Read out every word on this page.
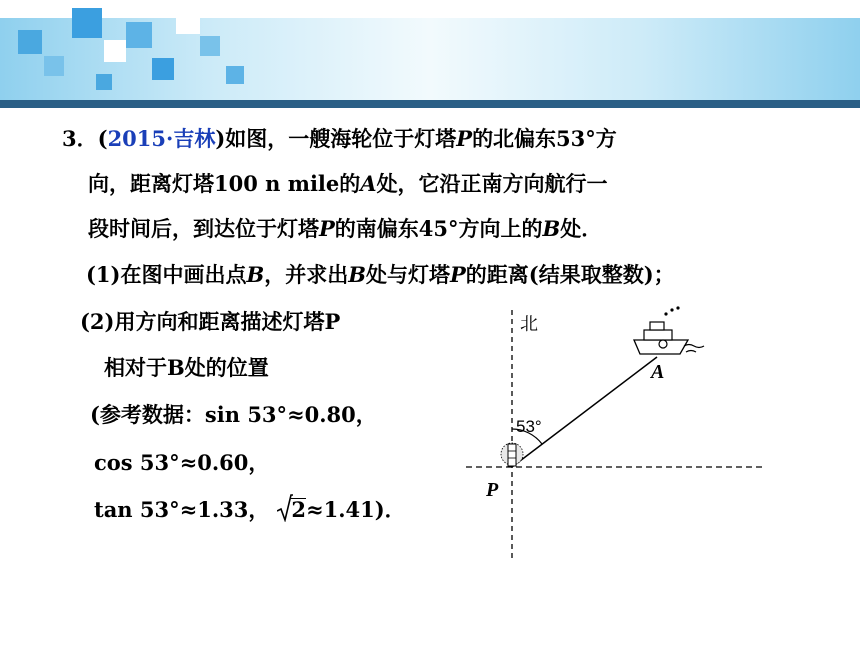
3．(2015·吉林)如图，一艘海轮位于灯塔P的北偏东53°方
向，距离灯塔100 n mile的A处，它沿正南方向航行一
段时间后，到达位于灯塔P的南偏东45°方向上的B处．
(1)在图中画出点B，并求出B处与灯塔P的距离(结果取整数)；
(2)用方向和距离描述灯塔P
相对于B处的位置
(参考数据：sin 53°≈0.80，
cos 53°≈0.60，
tan 53°≈1.33， 2≈1.41)．
北
53°
P
A
